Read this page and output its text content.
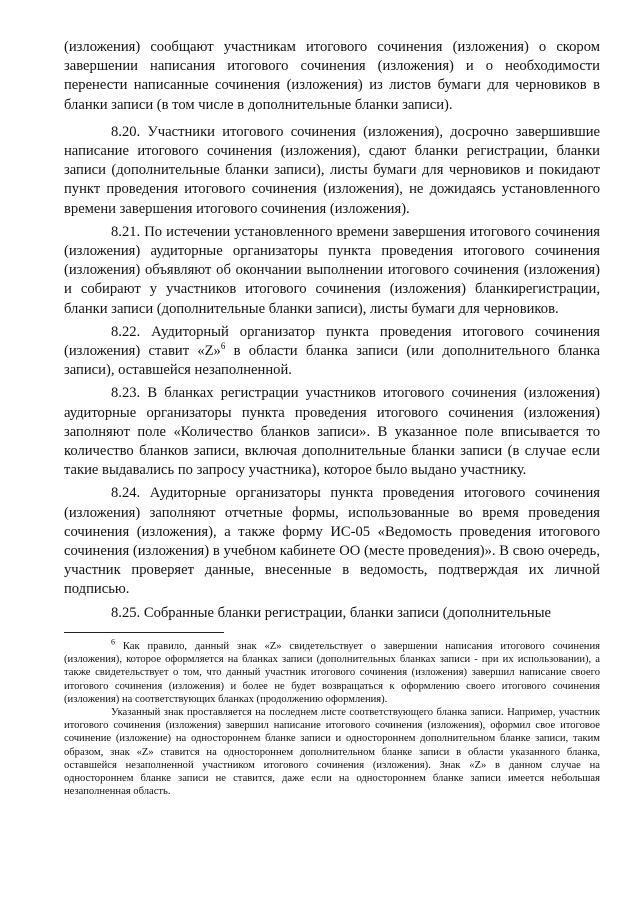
(изложения) сообщают участникам итогового сочинения (изложения) о скором завершении написания итогового сочинения (изложения) и о необходимости перенести написанные сочинения (изложения) из листов бумаги для черновиков в бланки записи (в том числе в дополнительные бланки записи).

8.20. Участники итогового сочинения (изложения), досрочно завершившие написание итогового сочинения (изложения), сдают бланки регистрации, бланки записи (дополнительные бланки записи), листы бумаги для черновиков и покидают пункт проведения итогового сочинения (изложения), не дожидаясь установленного времени завершения итогового сочинения (изложения).

8.21. По истечении установленного времени завершения итогового сочинения (изложения) аудиторные организаторы пункта проведения итогового сочинения (изложения) объявляют об окончании выполнении итогового сочинения (изложения) и собирают у участников итогового сочинения (изложения) бланкирегистрации, бланки записи (дополнительные бланки записи), листы бумаги для черновиков.

8.22. Аудиторный организатор пункта проведения итогового сочинения (изложения) ставит «Z»$^6$ в области бланка записи (или дополнительного бланка записи), оставшейся незаполненной.

8.23. В бланках регистрации участников итогового сочинения (изложения) аудиторные организаторы пункта проведения итогового сочинения (изложения) заполняют поле «Количество бланков записи». В указанное поле вписывается то количество бланков записи, включая дополнительные бланки записи (в случае если такие выдавались по запросу участника), которое было выдано участнику.

8.24. Аудиторные организаторы пункта проведения итогового сочинения (изложения) заполняют отчетные формы, использованные во время проведения сочинения (изложения), а также форму ИС-05 «Ведомость проведения итогового сочинения (изложения) в учебном кабинете ОО (месте проведения)». В свою очередь, участник проверяет данные, внесенные в ведомость, подтверждая их личной подписью.

8.25. Собранные бланки регистрации, бланки записи (дополнительные

$^6$ Как правило, данный знак «Z» свидетельствует о завершении написания итогового сочинения (изложения), которое оформляется на бланках записи (дополнительных бланках записи - при их использовании), а также свидетельствует о том, что данный участник итогового сочинения (изложения) завершил написание своего итогового сочинения (изложения) и более не будет возвращаться к оформлению своего итогового сочинения (изложения) на соответствующих бланках (продолжению оформления).

Указанный знак проставляется на последнем листе соответствующего бланка записи. Например, участник итогового сочинения (изложения) завершил написание итогового сочинения (изложения), оформил свое итоговое сочинение (изложение) на одностороннем бланке записи и одностороннем дополнительном бланке записи, таким образом, знак «Z» ставится на одностороннем дополнительном бланке записи в области указанного бланка, оставшейся незаполненной участником итогового сочинения (изложения). Знак «Z» в данном случае на одностороннем бланке записи не ставится, даже если на одностороннем бланке записи имеется небольшая незаполненная область.
